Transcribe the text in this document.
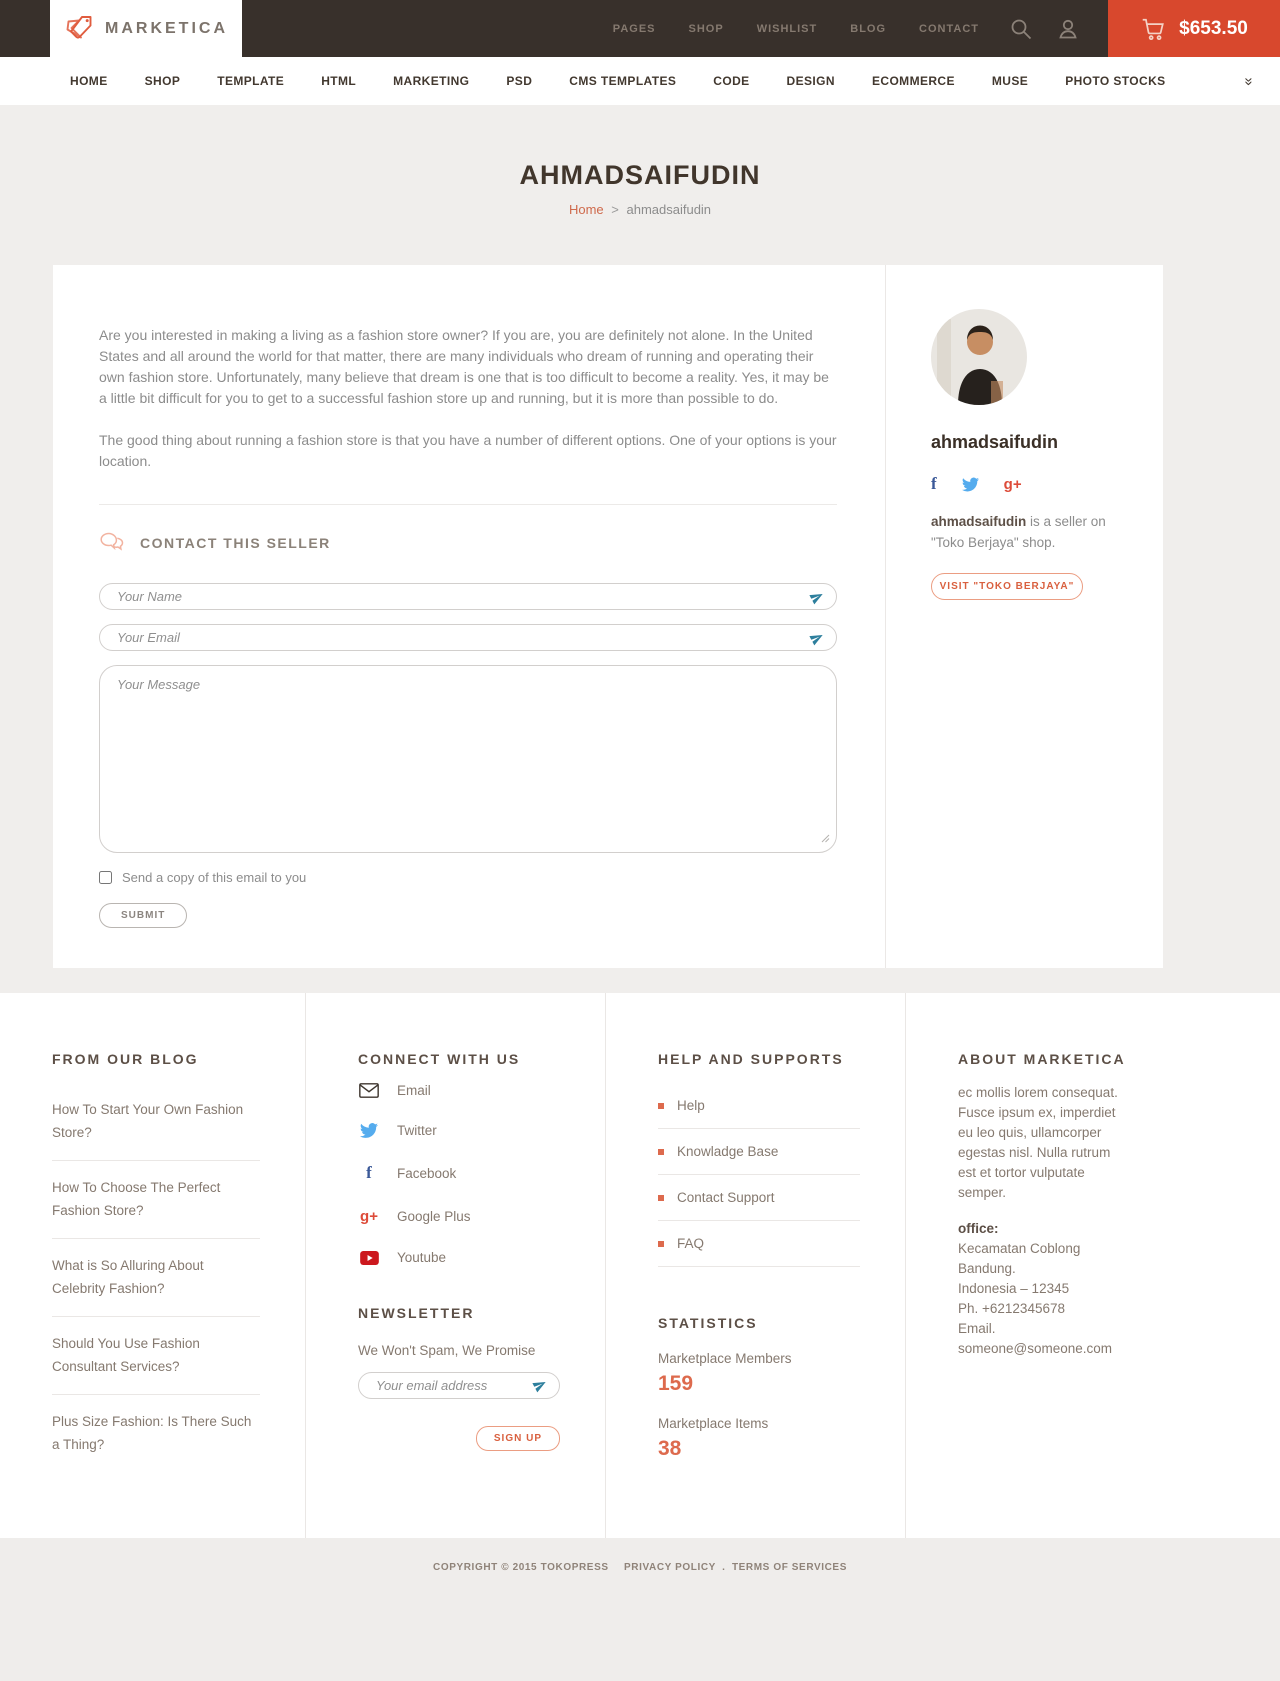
MARKETICA	PAGES	SHOP	WISHLIST	BLOG	CONTACT	$653.50
HOME	SHOP	TEMPLATE	HTML	MARKETING	PSD	CMS TEMPLATES	CODE	DESIGN	ECOMMERCE	MUSE	PHOTO STOCKS	»
AHMADSAIFUDIN
Home > ahmadsaifudin

Are you interested in making a living as a fashion store owner? If you are, you are definitely not alone. In the United States and all around the world for that matter, there are many individuals who dream of running and operating their own fashion store. Unfortunately, many believe that dream is one that is too difficult to become a reality. Yes, it may be a little bit difficult for you to get to a successful fashion store up and running, but it is more than possible to do.

The good thing about running a fashion store is that you have a number of different options. One of your options is your location.

CONTACT THIS SELLER
Your Name
Your Email
Your Message
Send a copy of this email to you
SUBMIT
ahmadsaifudin
f	g+

ahmadsaifudin is a seller on "Toko Berjaya" shop.

VISIT "TOKO BERJAYA"
FROM OUR BLOG
How To Start Your Own Fashion Store?
How To Choose The Perfect Fashion Store?
What is So Alluring About Celebrity Fashion?
Should You Use Fashion Consultant Services?
Plus Size Fashion: Is There Such a Thing?
CONNECT WITH US
Email
Twitter
f	Facebook
g+ Google Plus
Youtube
NEWSLETTER
We Won't Spam, We Promise
Your email address
SIGN UP
HELP AND SUPPORTS
Help
Knowladge Base
Contact Support
FAQ
STATISTICS
Marketplace Members
159
Marketplace Items
38
ABOUT MARKETICA

ec mollis lorem consequat. Fusce ipsum ex, imperdiet eu leo quis, ullamcorper egestas nisl. Nulla rutrum est et tortor vulputate semper.

office:
Kecamatan Coblong
Bandung.
Indonesia – 12345
Ph. +6212345678
Email. someone@someone.com
COPYRIGHT © 2015 TOKOPRESS PRIVACY POLICY . TERMS OF SERVICES
